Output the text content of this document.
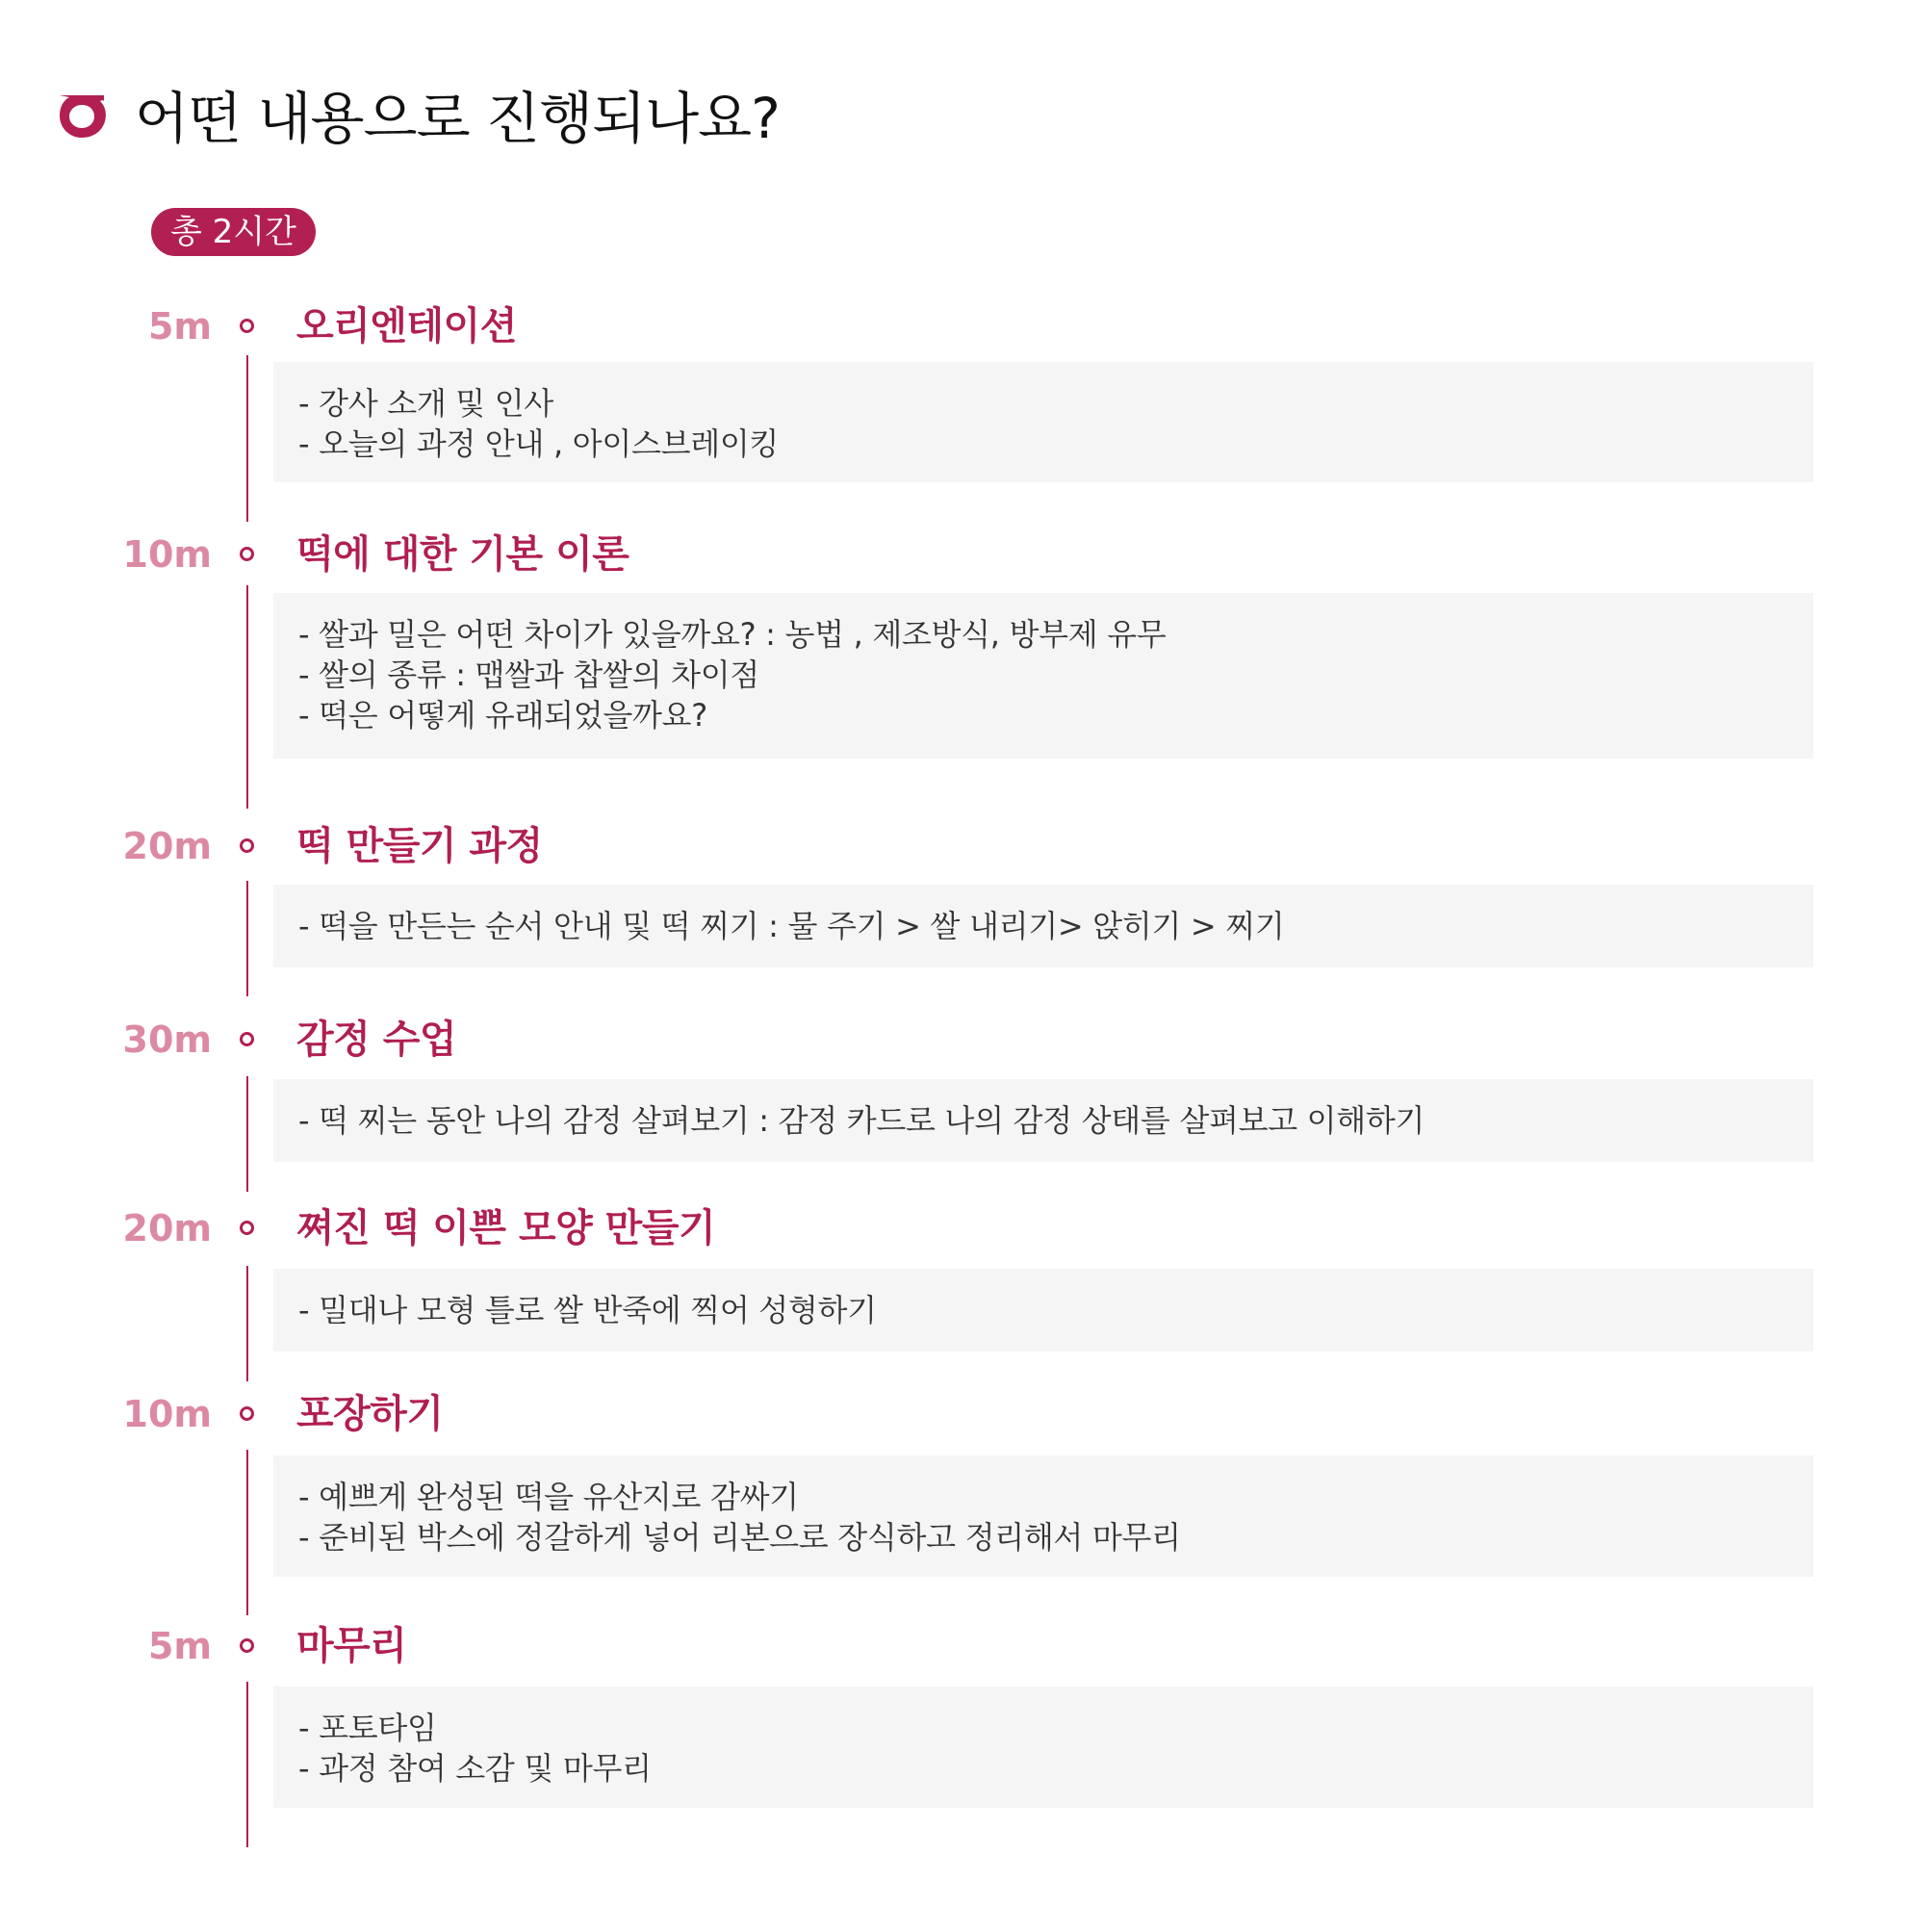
어떤 내용으로 진행되나요?
총 2시간
5m 오리엔테이션
- 강사 소개 및 인사
- 오늘의 과정 안내 , 아이스브레이킹
10m 떡에 대한 기본 이론
- 쌀과 밀은 어떤 차이가 있을까요? : 농법 , 제조방식, 방부제 유무
- 쌀의 종류 : 맵쌀과 찹쌀의 차이점
- 떡은 어떻게 유래되었을까요?
20m 떡 만들기 과정
- 떡을 만든는 순서 안내 및 떡 찌기 : 물 주기 > 쌀 내리기> 앉히기 > 찌기
30m 감정 수업
- 떡 찌는 동안 나의 감정 살펴보기 : 감정 카드로 나의 감정 상태를 살펴보고 이해하기
20m 쪄진 떡 이쁜 모양 만들기
- 밀대나 모형 틀로 쌀 반죽에 찍어 성형하기
10m 포장하기
- 예쁘게 완성된 떡을 유산지로 감싸기
- 준비된 박스에 정갈하게 넣어 리본으로 장식하고 정리해서 마무리
5m 마무리
- 포토타임
- 과정 참여 소감 및 마무리
